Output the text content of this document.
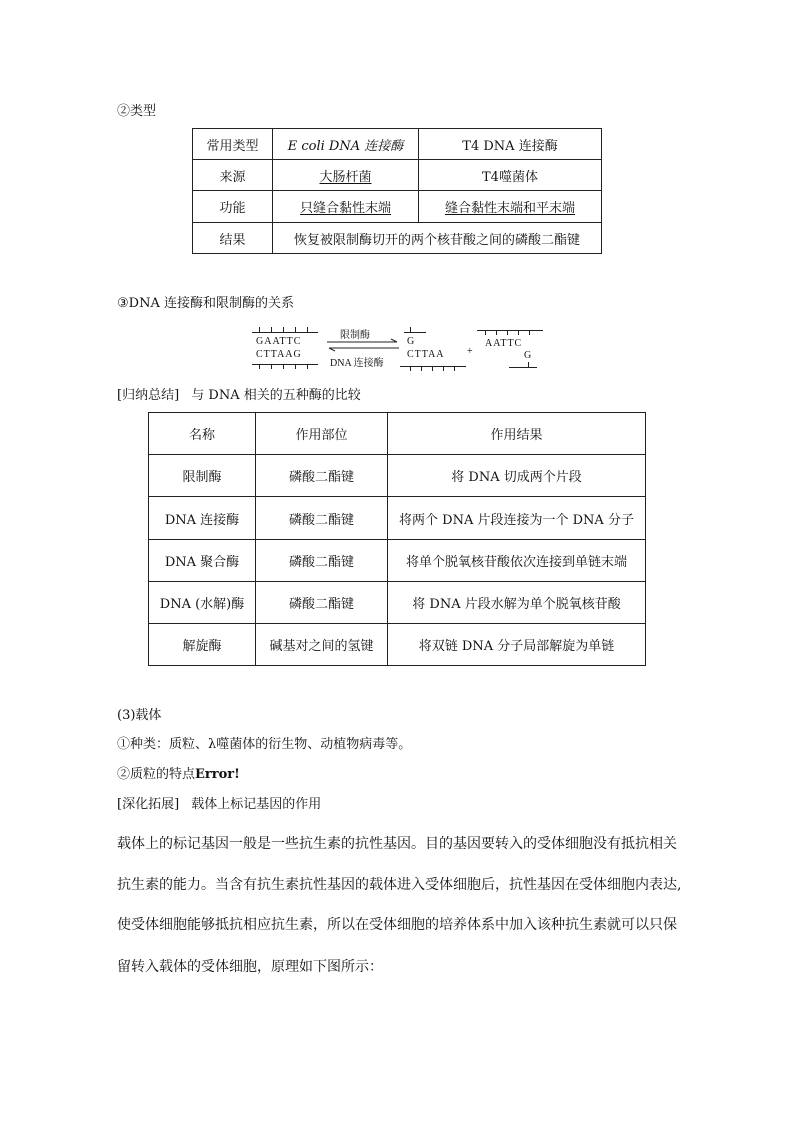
②类型
常用类型	E coli DNA 连接酶	T4 DNA 连接酶
来源	大肠杆菌	T4噬菌体
功能	只缝合黏性末端	缝合黏性末端和平末端
结果	恢复被限制酶切开的两个核苷酸之间的磷酸二酯键	
③DNA 连接酶和限制酶的关系
GAATTC
CTTAAG
限制酶
DNA 连接酶
G
CTTAA +
AATTC
G
[归纳总结] 与 DNA 相关的五种酶的比较
名称	作用部位	作用结果
限制酶	磷酸二酯键	将 DNA 切成两个片段
DNA 连接酶	磷酸二酯键	将两个 DNA 片段连接为一个 DNA 分子
DNA 聚合酶	磷酸二酯键	将单个脱氧核苷酸依次连接到单链末端
DNA (水解)酶	磷酸二酯键	将 DNA 片段水解为单个脱氧核苷酸
解旋酶	碱基对之间的氢键	将双链 DNA 分子局部解旋为单链
(3)载体
①种类：质粒、λ噬菌体的衍生物、动植物病毒等。
②质粒的特点Error!
[深化拓展] 载体上标记基因的作用
载体上的标记基因一般是一些抗生素的抗性基因。目的基因要转入的受体细胞没有抵抗相关
抗生素的能力。当含有抗生素抗性基因的载体进入受体细胞后，抗性基因在受体细胞内表达,
使受体细胞能够抵抗相应抗生素，所以在受体细胞的培养体系中加入该种抗生素就可以只保
留转入载体的受体细胞，原理如下图所示：
